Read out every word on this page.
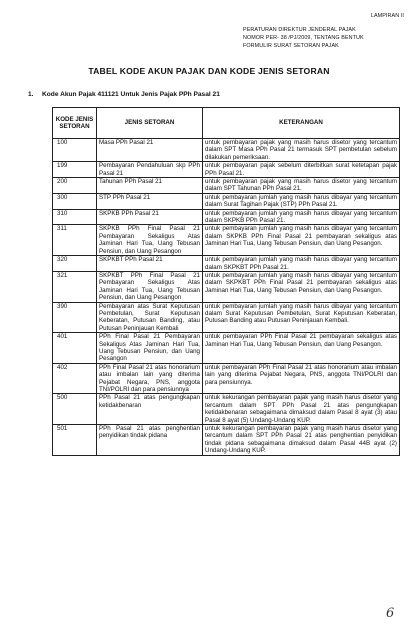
LAMPIRAN II
PERATURAN DIREKTUR JENDERAL PAJAK
NOMOR PER- 38 /PJ/2009, TENTANG BENTUK
FORMULIR SURAT SETORAN PAJAK
TABEL KODE AKUN PAJAK DAN KODE JENIS SETORAN
1. Kode Akun Pajak 411121 Untuk Jenis Pajak PPh Pasal 21
KODE JENIS SETORAN	JENIS SETORAN	KETERANGAN
100	Masa PPh Pasal 21	untuk pembayaran pajak yang masih harus disetor yang tercantum dalam SPT Masa PPh Pasal 21 termasuk SPT pembetulan sebelum dilakukan pemeriksaan.
199	Pembayaran Pendahuluan skp PPh Pasal 21	untuk pembayaran pajak sebelum diterbitkan surat ketetapan pajak PPh Pasal 21.
200	Tahunan PPh Pasal 21	untuk pembayaran pajak yang masih harus disetor yang tercantum dalam SPT Tahunan PPh Pasal 21.
300	STP PPh Pasal 21	untuk pembayaran jumlah yang masih harus dibayar yang tercantum dalam Surat Tagihan Pajak (STP) PPh Pasal 21.
310	SKPKB PPh Pasal 21	untuk pembayaran jumlah yang masih harus dibayar yang tercantum dalam SKPKB PPh Pasal 21.
311	SKPKB PPh Final Pasal 21 Pembayaran Sekaligus Atas Jaminan Hari Tua, Uang Tebusan Pensiun, dan Uang Pesangon	untuk pembayaran jumlah yang masih harus dibayar yang tercantum dalam SKPKB PPh Final Pasal 21 pembayaran sekaligus atas Jaminan Hari Tua, Uang Tebusan Pensiun, dan Uang Pesangon.
320	SKPKBT PPh Pasal 21	untuk pembayaran jumlah yang masih harus dibayar yang tercantum dalam SKPKBT PPh Pasal 21.
321	SKPKBT PPh Final Pasal 21 Pembayaran Sekaligus Atas Jaminan Hari Tua, Uang Tebusan Pensiun, dan Uang Pesangon	untuk pembayaran jumlah yang masih harus dibayar yang tercantum dalam SKPKBT PPh Final Pasal 21 pembayaran sekaligus atas Jaminan Hari Tua, Uang Tebusan Pensiun, dan Uang Pesangon.
390	Pembayaran atas Surat Keputusan Pembetulan, Surat Keputusan Keberatan, Putusan Banding, atau Putusan Peninjauan Kembali	untuk pembayaran jumlah yang masih harus dibayar yang tercantum dalam Surat Keputusan Pembetulan, Surat Keputusan Keberatan, Putusan Banding atau Putusan Peninjauan Kembali.
401	PPh Final Pasal 21 Pembayaran Sekaligus Atas Jaminan Hari Tua, Uang Tebusan Pensiun, dan Uang Pesangon	untuk pembayaran PPh Final Pasal 21 pembayaran sekaligus atas Jaminan Hari Tua, Uang Tebusan Pensiun, dan Uang Pesangon.
402	PPh Final Pasal 21 atas honorarium atau imbalan lain yang diterima Pejabat Negara, PNS, anggota TNI/POLRI dan para pensiunnya	untuk pembayaran PPh Final Pasal 21 atas honorarium atau imbalan lain yang diterima Pejabat Negara, PNS, anggota TNI/POLRI dan para pensiunnya.
500	PPh Pasal 21 atas pengungkapan ketidakbenaran	untuk kekurangan pembayaran pajak yang masih harus disetor yang tercantum dalam SPT PPh Pasal 21 atas pengungkapan ketidakbenaran sebagaimana dimaksud dalam Pasal 8 ayat (3) atau Pasal 8 ayat (5) Undang-Undang KUP.
501	PPh Pasal 21 atas penghentian penyidikan tindak pidana	untuk kekurangan pembayaran pajak yang masih harus disetor yang tercantum dalam SPT PPh Pasal 21 atas penghentian penyidikan tindak pidana sebagaimana dimaksud dalam Pasal 44B ayat (2) Undang-Undang KUP.
6
